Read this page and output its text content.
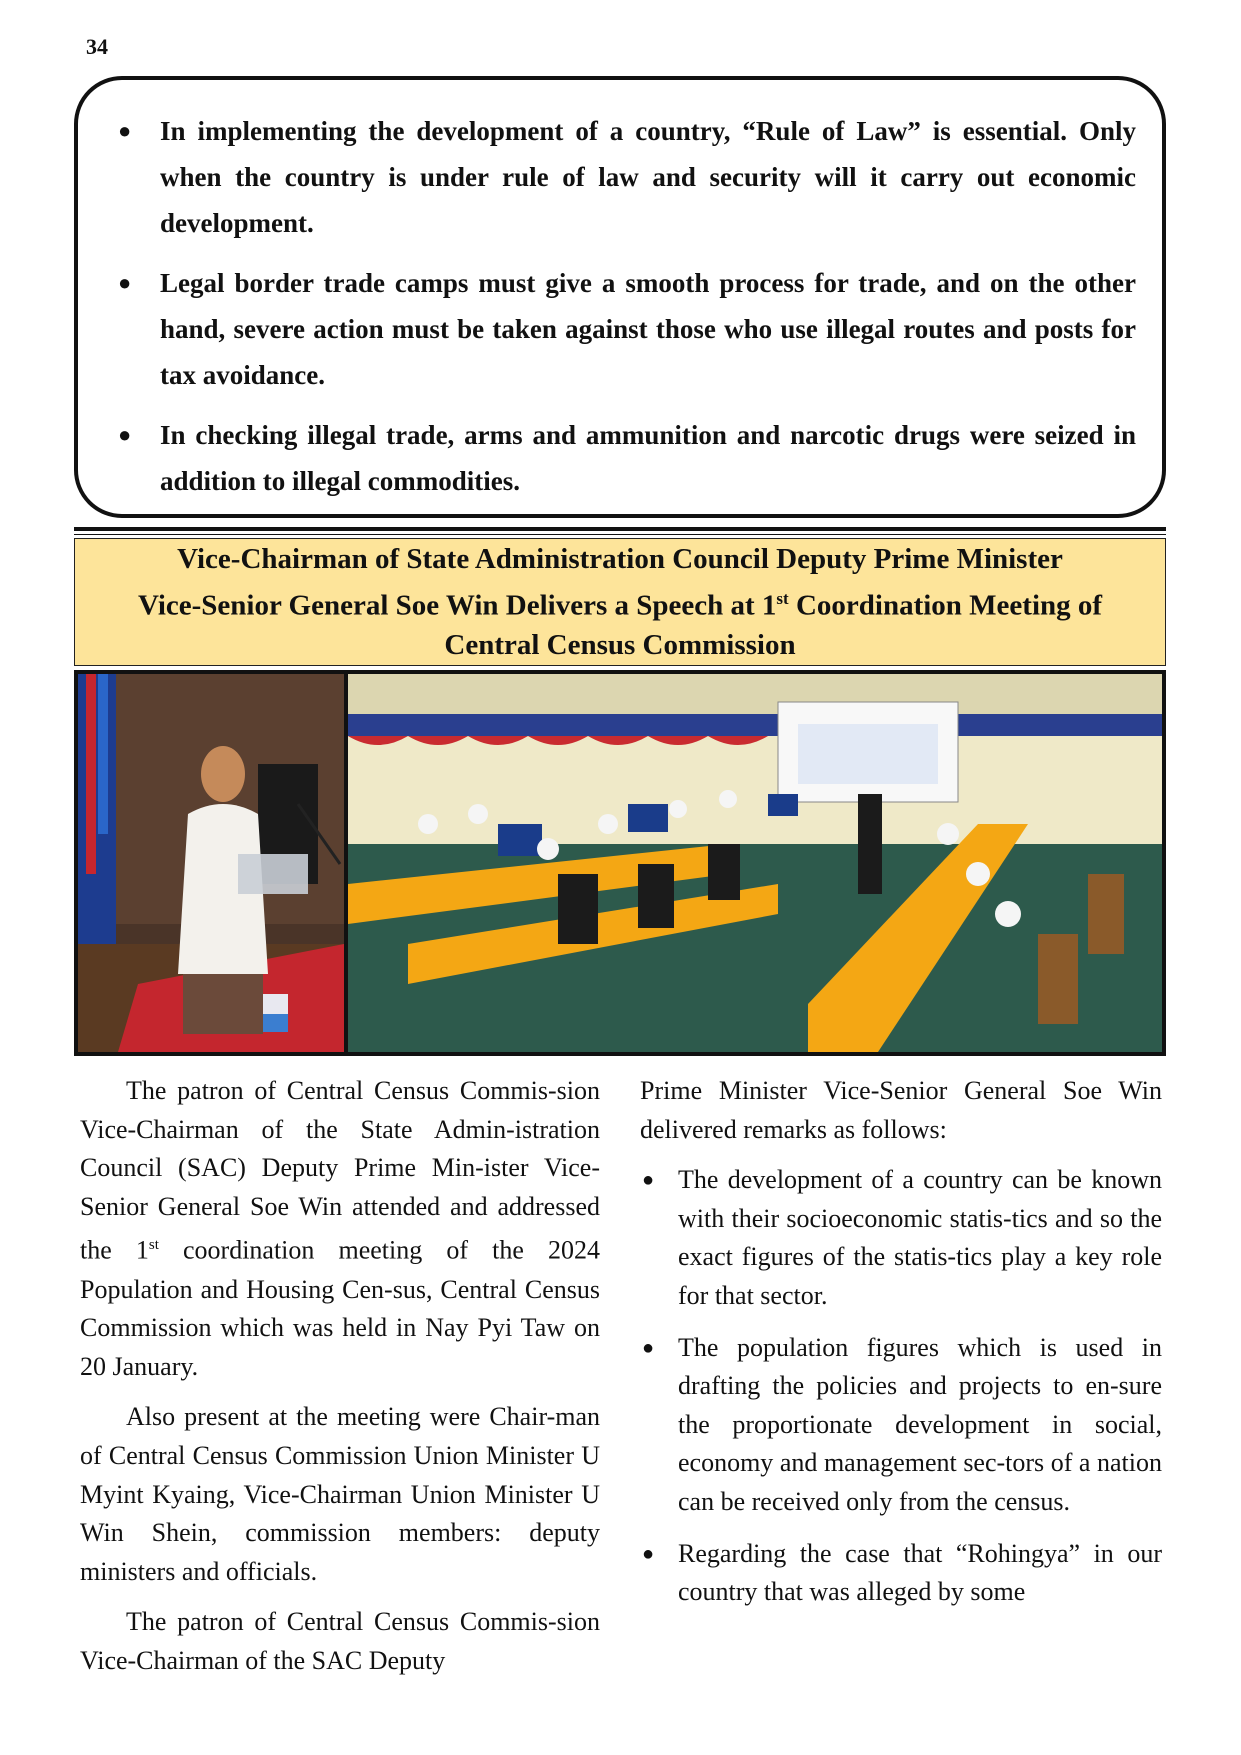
34
● In implementing the development of a country, “Rule of Law” is essential. Only when the country is under rule of law and security will it carry out economic development.
● Legal border trade camps must give a smooth process for trade, and on the other hand, severe action must be taken against those who use illegal routes and posts for tax avoidance.
● In checking illegal trade, arms and ammunition and narcotic drugs were seized in addition to illegal commodities.
Vice-Chairman of State Administration Council Deputy Prime Minister
Vice-Senior General Soe Win Delivers a Speech at 1st Coordination Meeting of
Central Census Commission

The patron of Central Census Commis-sion Vice-Chairman of the State Admin-istration Council (SAC) Deputy Prime Min-ister Vice-Senior General Soe Win attended and addressed the 1st coordination meeting of the 2024 Population and Housing Cen-sus, Central Census Commission which was held in Nay Pyi Taw on 20 January.

Also present at the meeting were Chair-man of Central Census Commission Union Minister U Myint Kyaing, Vice-Chairman Union Minister U Win Shein, commission members: deputy ministers and officials.

The patron of Central Census Commis-sion Vice-Chairman of the SAC Deputy

Prime Minister Vice-Senior General Soe Win delivered remarks as follows:

● The development of a country can be known with their socioeconomic statis-tics and so the exact figures of the statis-tics play a key role for that sector.
● The population figures which is used in drafting the policies and projects to en-sure the proportionate development in social, economy and management sec-tors of a nation can be received only from the census.
● Regarding the case that “Rohingya” in our country that was alleged by some
